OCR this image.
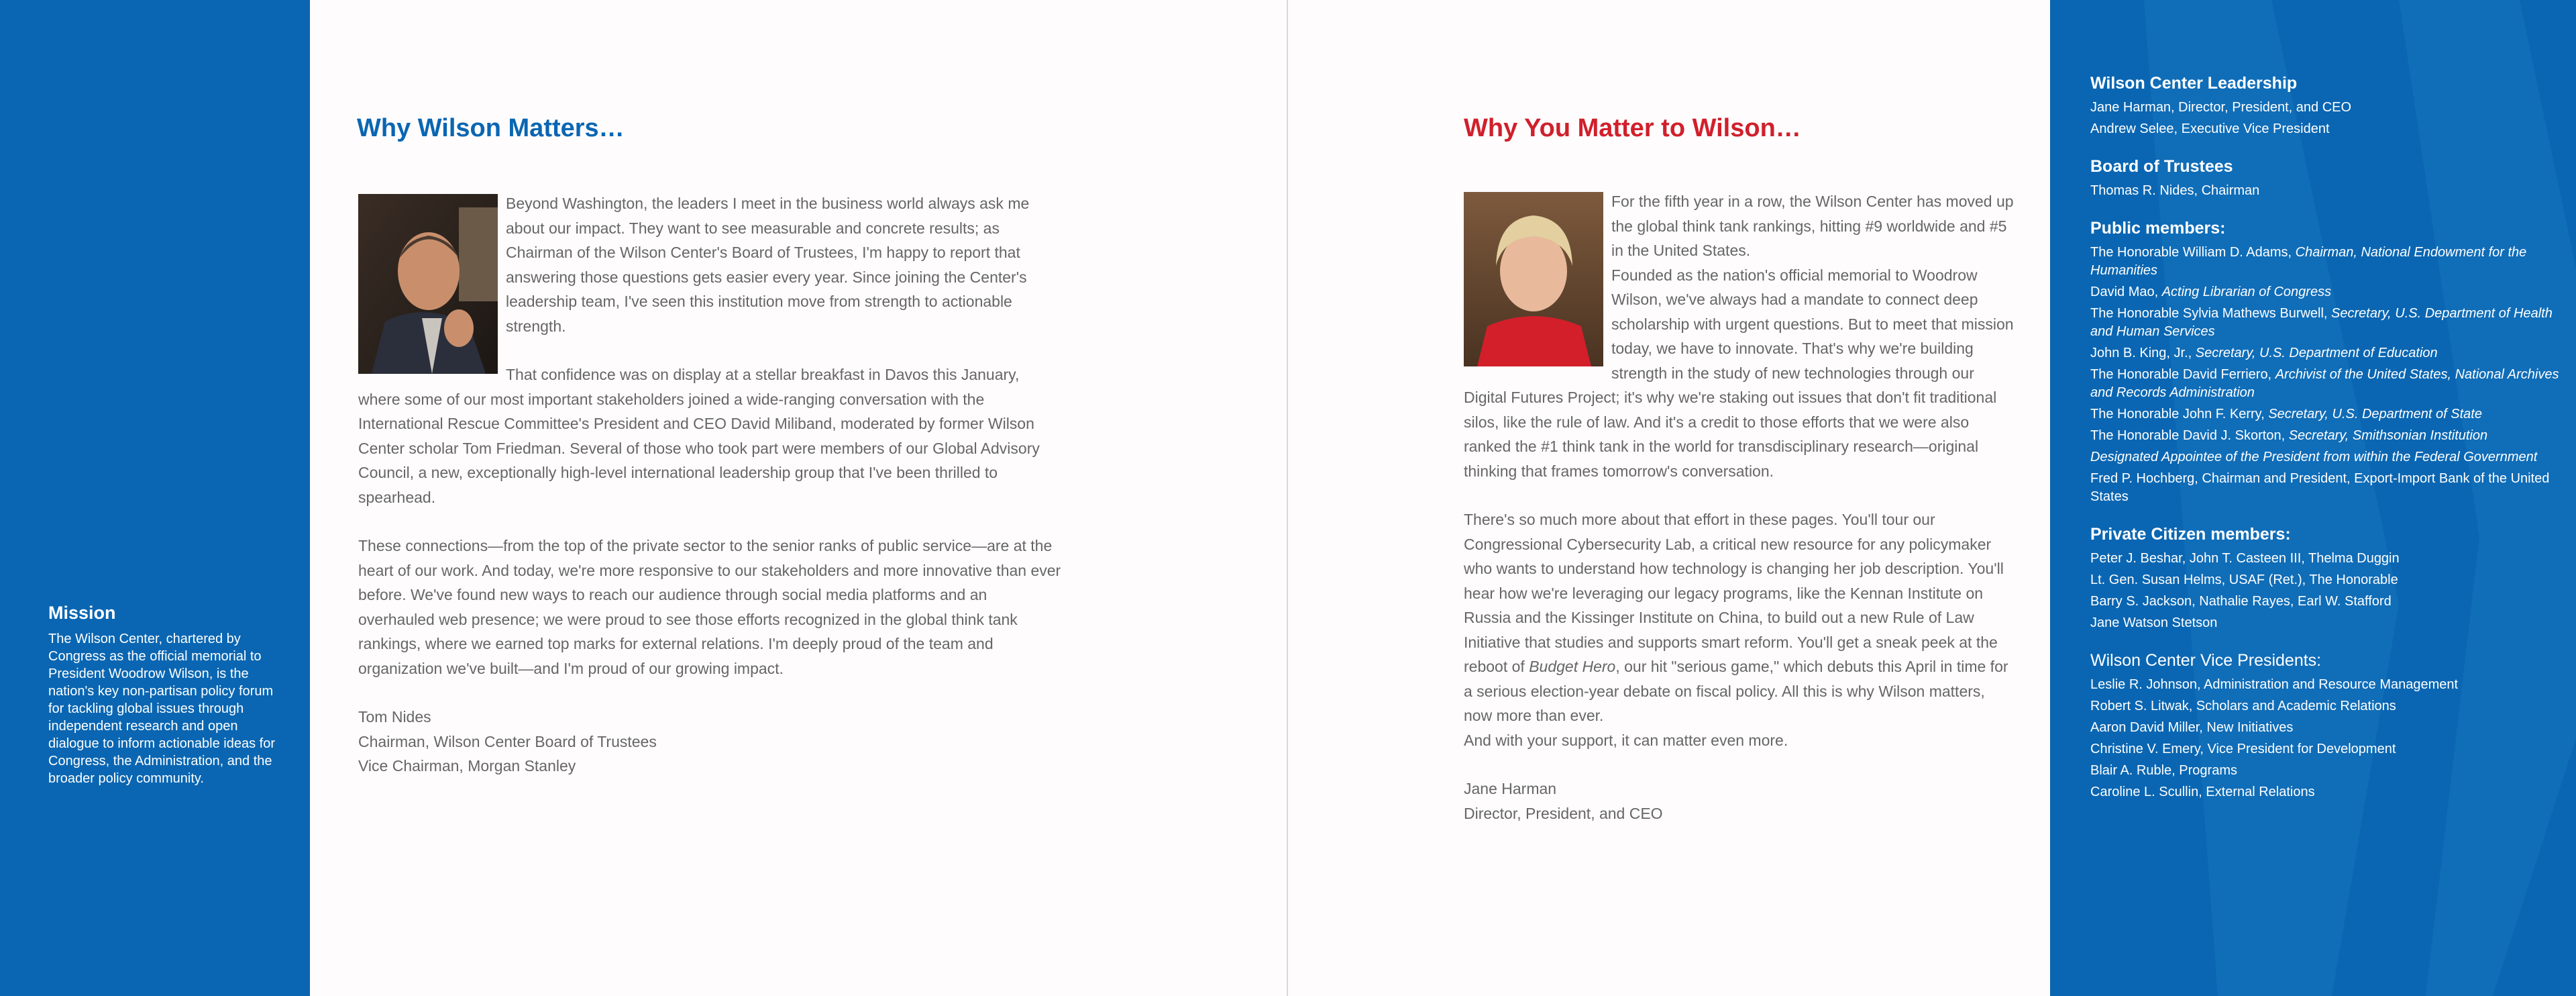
Mission

The Wilson Center, chartered by Congress as the official memorial to President Woodrow Wilson, is the nation's key non-partisan policy forum for tackling global issues through independent research and open dialogue to inform actionable ideas for Congress, the Administration, and the broader policy community.

Why Wilson Matters…

Beyond Washington, the leaders I meet in the business world always ask me about our impact. They want to see measurable and concrete results; as Chairman of the Wilson Center's Board of Trustees, I'm happy to report that answering those questions gets easier every year. Since joining the Center's leadership team, I've seen this institution move from strength to actionable strength.

That confidence was on display at a stellar breakfast in Davos this January, where some of our most important stakeholders joined a wide-ranging conversation with the International Rescue Committee's President and CEO David Miliband, moderated by former Wilson Center scholar Tom Friedman. Several of those who took part were members of our Global Advisory Council, a new, exceptionally high-level international leadership group that I've been thrilled to spearhead.

These connections—from the top of the private sector to the senior ranks of public service—are at the heart of our work. And today, we're more responsive to our stakeholders and more innovative than ever before. We've found new ways to reach our audience through social media platforms and an overhauled web presence; we were proud to see those efforts recognized in the global think tank rankings, where we earned top marks for external relations. I'm deeply proud of the team and organization we've built—and I'm proud of our growing impact.

Tom Nides

Chairman, Wilson Center Board of Trustees

Vice Chairman, Morgan Stanley

Why You Matter to Wilson…

For the fifth year in a row, the Wilson Center has moved up the global think tank rankings, hitting #9 worldwide and #5 in the United States.

Founded as the nation's official memorial to Woodrow Wilson, we've always had a mandate to connect deep scholarship with urgent questions. But to meet that mission today, we have to innovate. That's why we're building strength in the study of new technologies through our Digital Futures Project; it's why we're staking out issues that don't fit traditional silos, like the rule of law. And it's a credit to those efforts that we were also ranked the #1 think tank in the world for transdisciplinary research—original thinking that frames tomorrow's conversation.

There's so much more about that effort in these pages. You'll tour our Congressional Cybersecurity Lab, a critical new resource for any policymaker who wants to understand how technology is changing her job description. You'll hear how we're leveraging our legacy programs, like the Kennan Institute on Russia and the Kissinger Institute on China, to build out a new Rule of Law Initiative that studies and supports smart reform. You'll get a sneak peek at the reboot of Budget Hero, our hit "serious game," which debuts this April in time for a serious election-year debate on fiscal policy. All this is why Wilson matters, now more than ever.

And with your support, it can matter even more.

Jane Harman

Director, President, and CEO

Wilson Center Leadership

Jane Harman, Director, President, and CEO

Andrew Selee, Executive Vice President

Board of Trustees

Thomas R. Nides, Chairman

Public members:

The Honorable William D. Adams, Chairman, National Endowment for the Humanities

David Mao, Acting Librarian of Congress

The Honorable Sylvia Mathews Burwell, Secretary, U.S. Department of Health and Human Services

John B. King, Jr., Secretary, U.S. Department of Education

The Honorable David Ferriero, Archivist of the United States, National Archives and Records Administration

The Honorable John F. Kerry, Secretary, U.S. Department of State

The Honorable David J. Skorton, Secretary, Smithsonian Institution

Designated Appointee of the President from within the Federal Government

Fred P. Hochberg, Chairman and President, Export-Import Bank of the United States

Private Citizen members:

Peter J. Beshar, John T. Casteen III, Thelma Duggin

Lt. Gen. Susan Helms, USAF (Ret.), The Honorable

Barry S. Jackson, Nathalie Rayes, Earl W. Stafford

Jane Watson Stetson

Wilson Center Vice Presidents:

Leslie R. Johnson, Administration and Resource Management

Robert S. Litwak, Scholars and Academic Relations

Aaron David Miller, New Initiatives

Christine V. Emery, Vice President for Development

Blair A. Ruble, Programs

Caroline L. Scullin, External Relations
